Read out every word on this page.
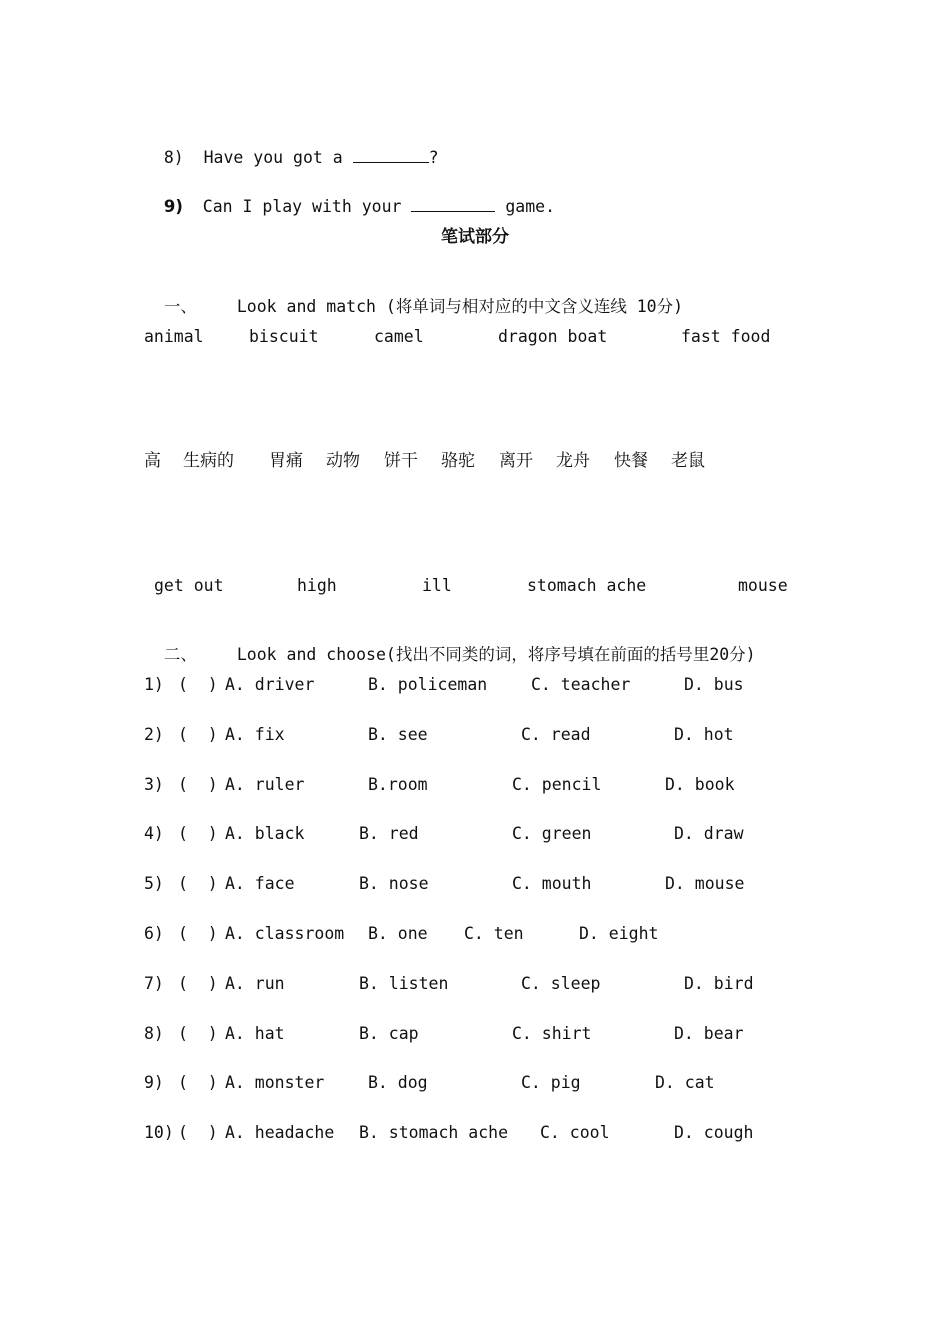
8) Have you got a	?

9) Can I play with your	game.

笔试部分

一、 Look and match (将单词与相对应的中文含义连线 10分)

animal	biscuit	camel	dragon boat	fast food
高 生病的 胃痛 动物 饼干 骆驼 离开 龙舟 快餐 老鼠
get out	high	ill	stomach ache	mouse

二、 Look and choose(找出不同类的词，将序号填在前面的括号里20分)

1) (  ) A. driver	B. policeman	C. teacher	D. bus
2) (  ) A. fix	B. see	C. read	D. hot
3) (  ) A. ruler	B.room	C. pencil	D. book
4) (  ) A. black	B. red	C. green	D. draw
5) (  ) A. face	B. nose	C. mouth	D. mouse
6) (  ) A. classroom B. one C. ten	D. eight
7) (  ) A. run	B. listen	C. sleep	D. bird
8) (  ) A. hat	B. cap	C. shirt	D. bear
9) (  ) A. monster	B. dog	C. pig	D. cat
10) (  ) A. headache B. stomach ache C. cool	D. cough
